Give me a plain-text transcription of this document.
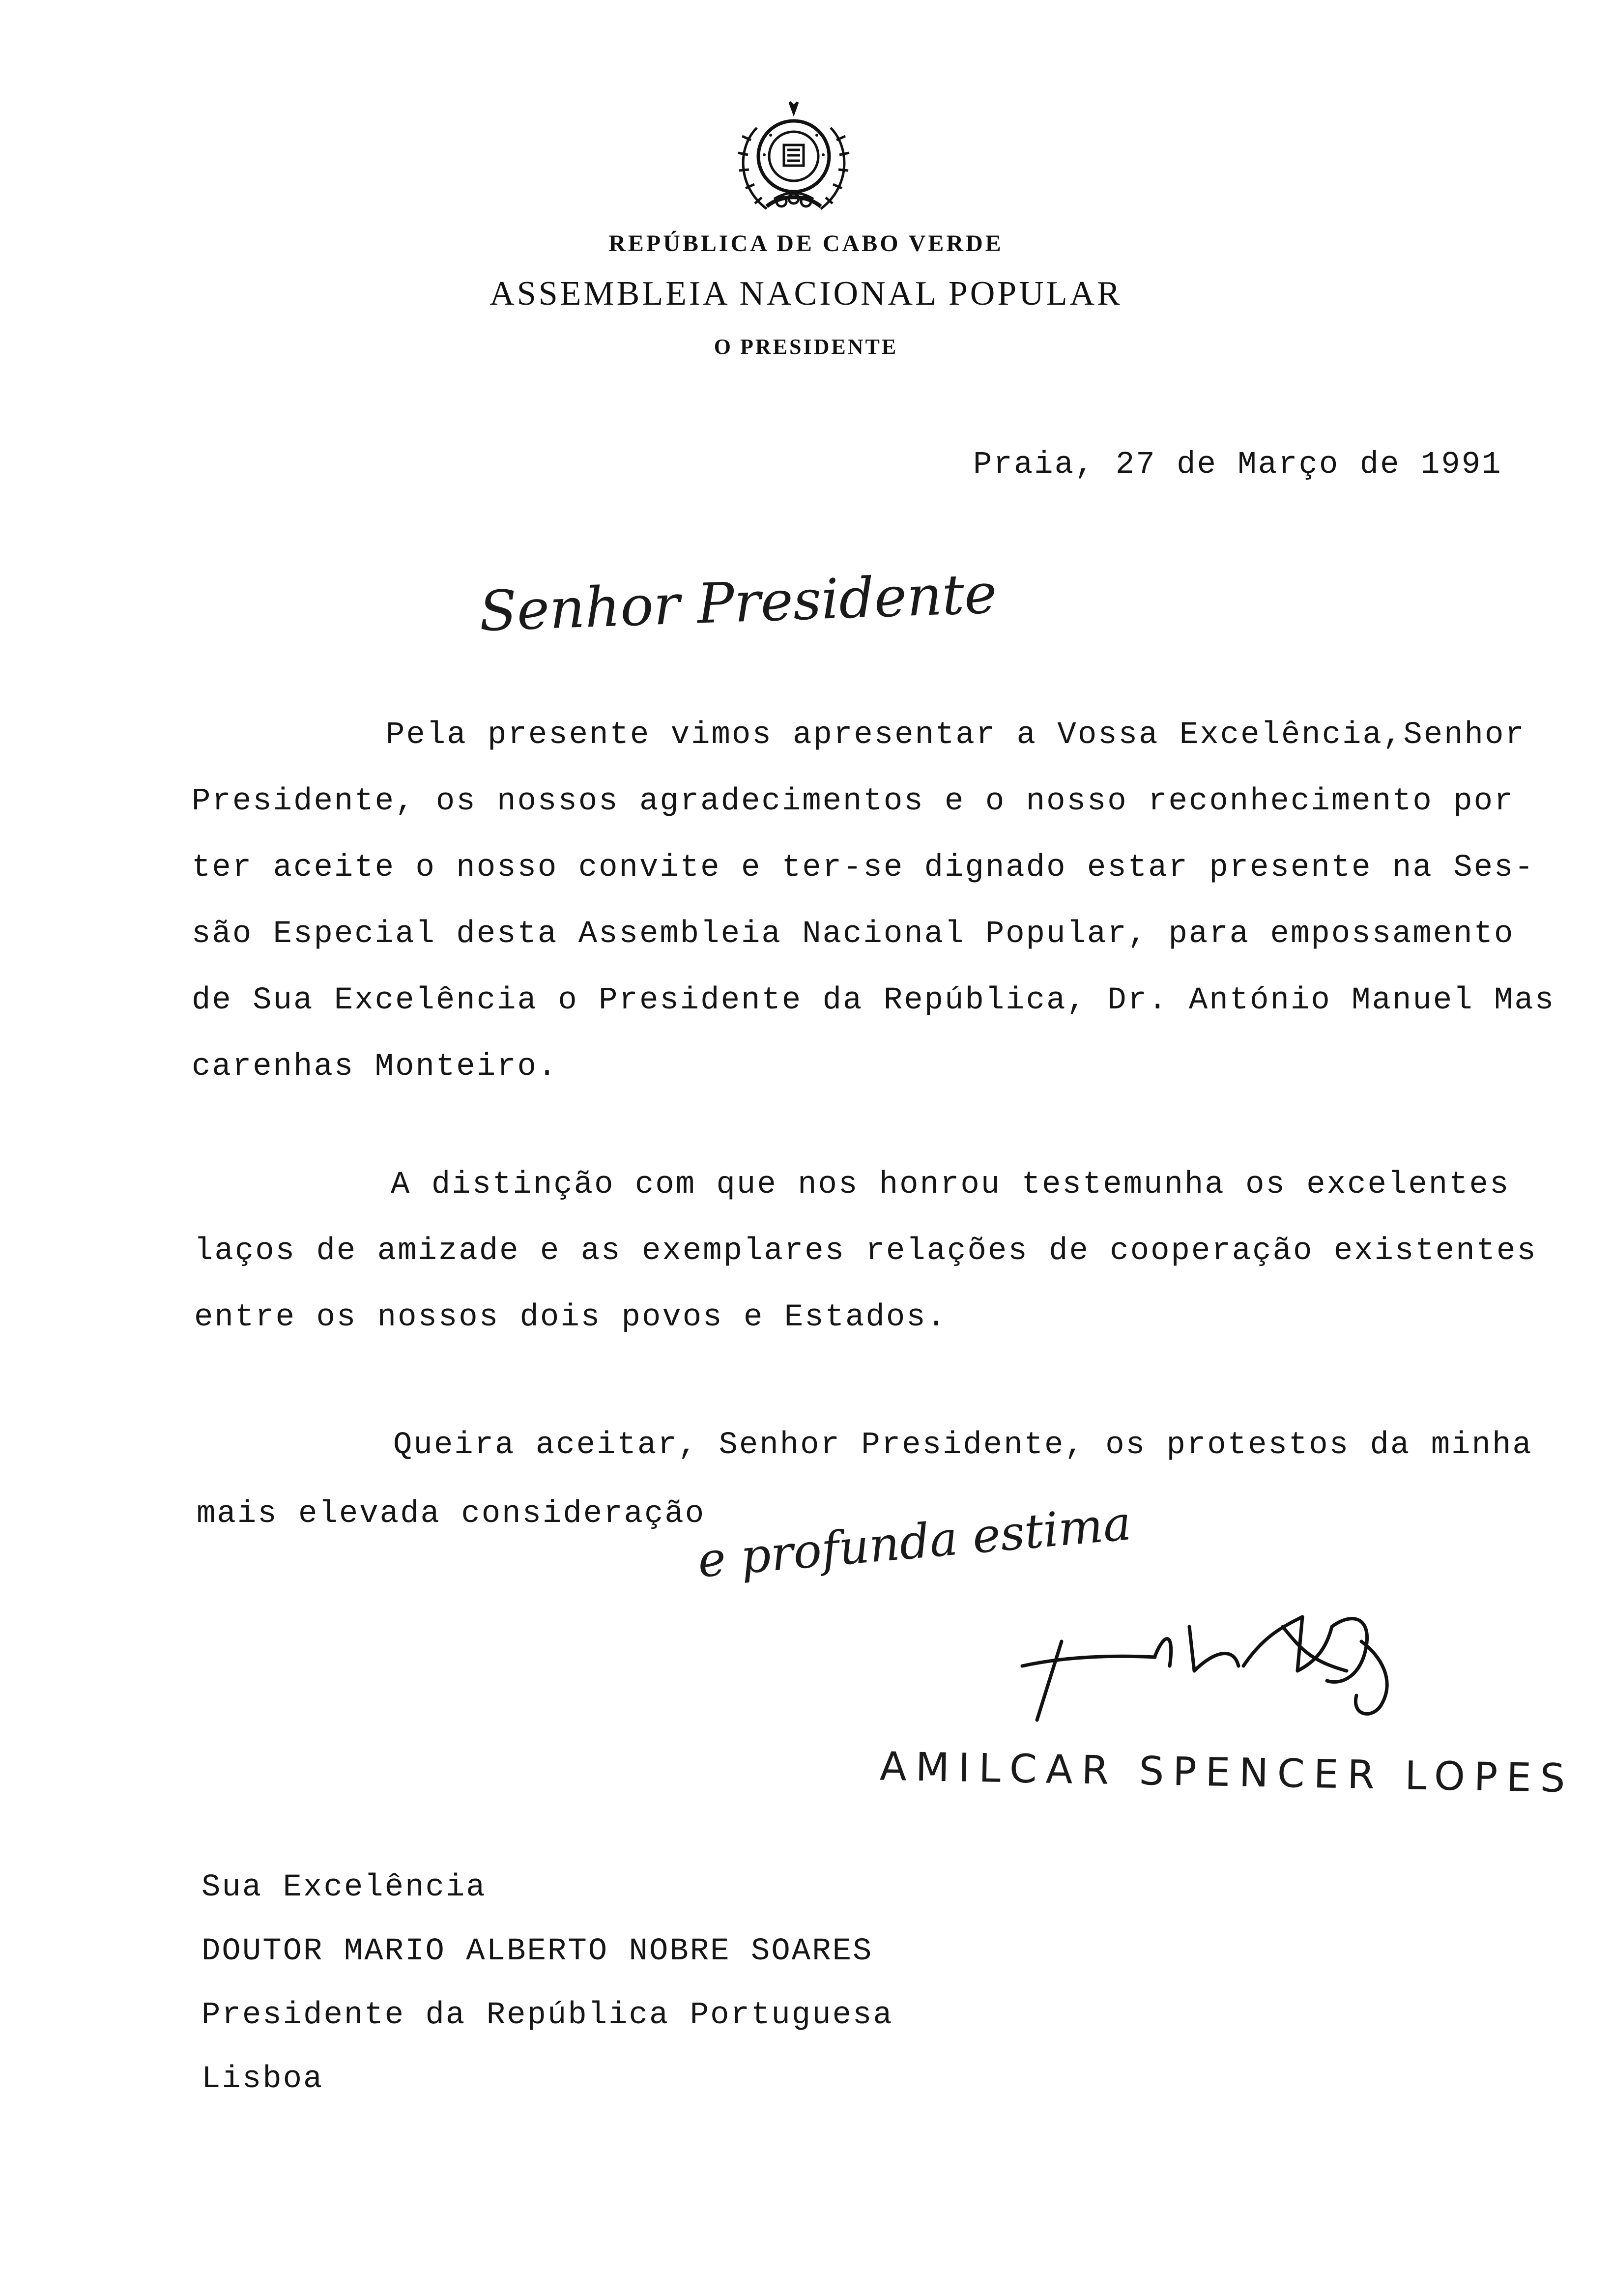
REPÚBLICA DE CABO VERDE
ASSEMBLEIA NACIONAL POPULAR
O PRESIDENTE
Praia, 27 de Março de 1991
Senhor Presidente
Pela presente vimos apresentar a Vossa Excelência,Senhor
Presidente, os nossos agradecimentos e o nosso reconhecimento por
ter aceite o nosso convite e ter-se dignado estar presente na Ses-
são Especial desta Assembleia Nacional Popular, para empossamento
de Sua Excelência o Presidente da República, Dr. António Manuel Mas
carenhas Monteiro.
A distinção com que nos honrou testemunha os excelentes
laços de amizade e as exemplares relações de cooperação existentes
entre os nossos dois povos e Estados.
Queira aceitar, Senhor Presidente, os protestos da minha
mais elevada consideração
e profunda estima
AMILCAR SPENCER LOPES
Sua Excelência
DOUTOR MARIO ALBERTO NOBRE SOARES
Presidente da República Portuguesa
Lisboa
